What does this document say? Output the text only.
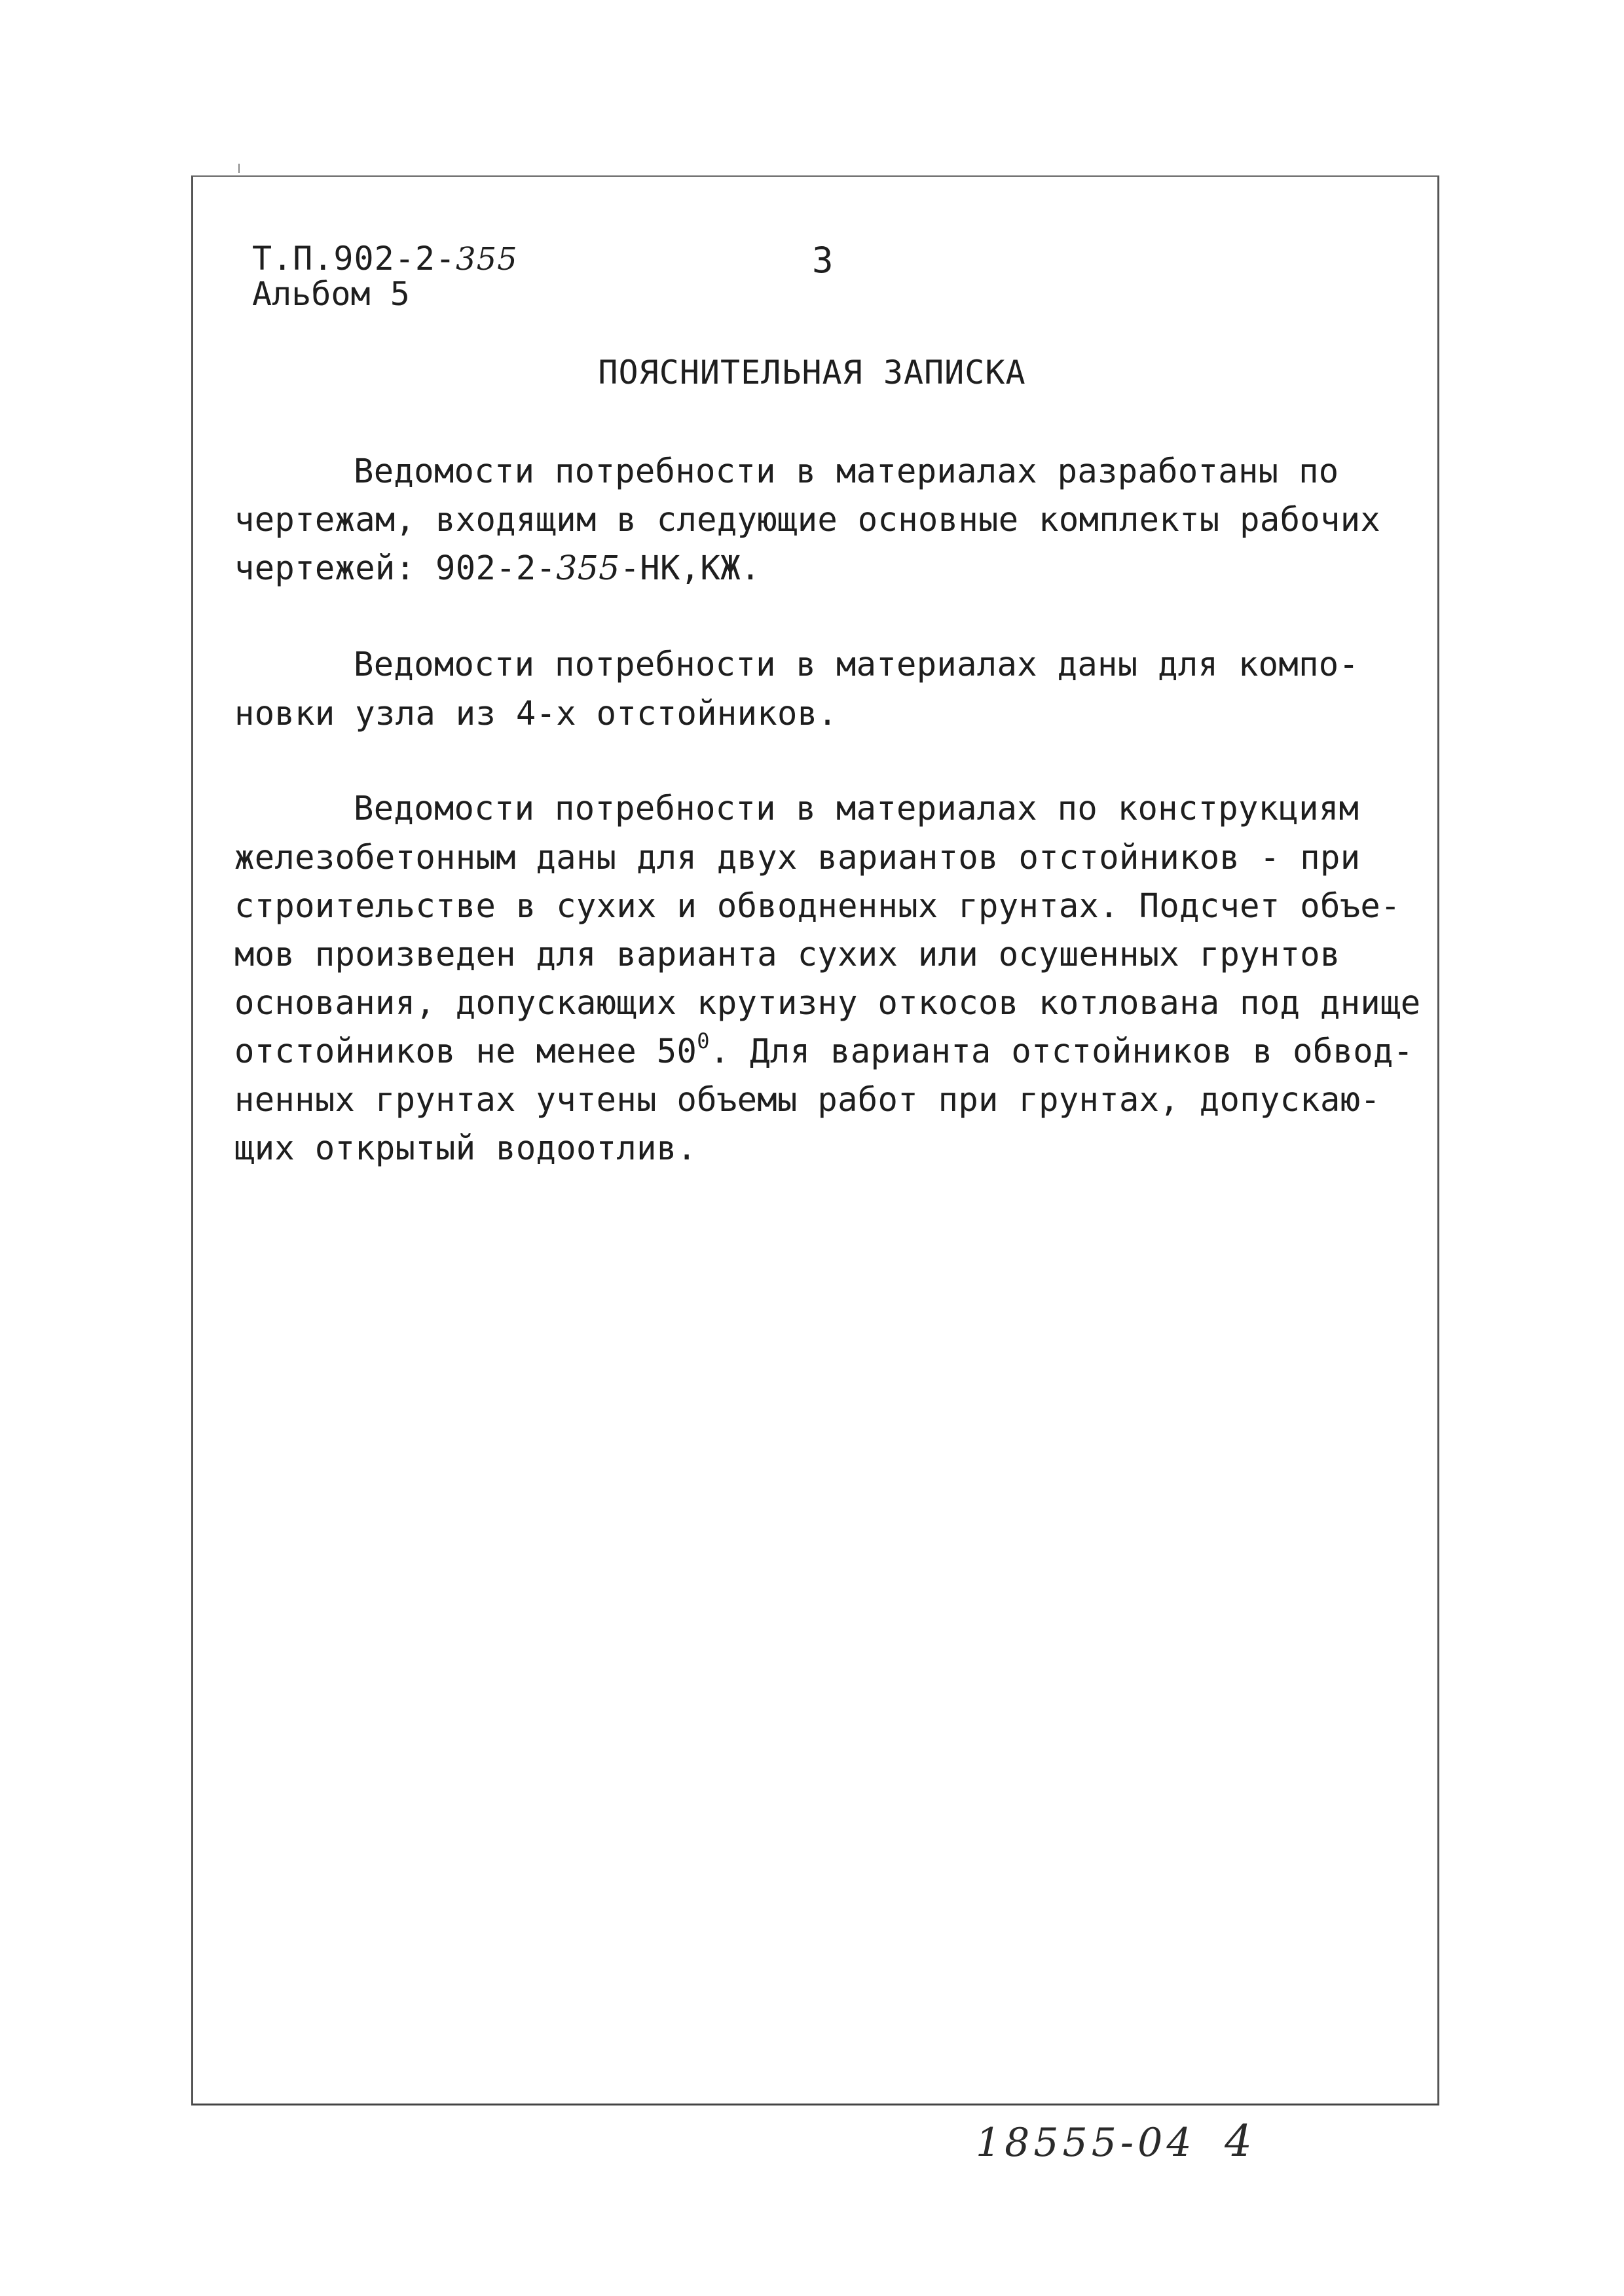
Т.П.902-2-355
Альбом 5
3
ПОЯСНИТЕЛЬНАЯ ЗАПИСКА
Ведомости потребности в материалах разработаны по
чертежам, входящим в следующие основные комплекты рабочих
чертежей: 902-2-355-НК,КЖ.
Ведомости потребности в материалах даны для компо-
новки узла из 4-х отстойников.
Ведомости потребности в материалах по конструкциям
железобетонным даны для двух вариантов отстойников - при
строительстве в сухих и обводненных грунтах. Подсчет объе-
мов произведен для варианта сухих или осушенных грунтов
основания, допускающих крутизну откосов котлована под днище
отстойников не менее $50^0$. Для варианта отстойников в обвод-
ненных грунтах учтены объемы работ при грунтах, допускаю-
щих открытый водоотлив.
18555-04 4
